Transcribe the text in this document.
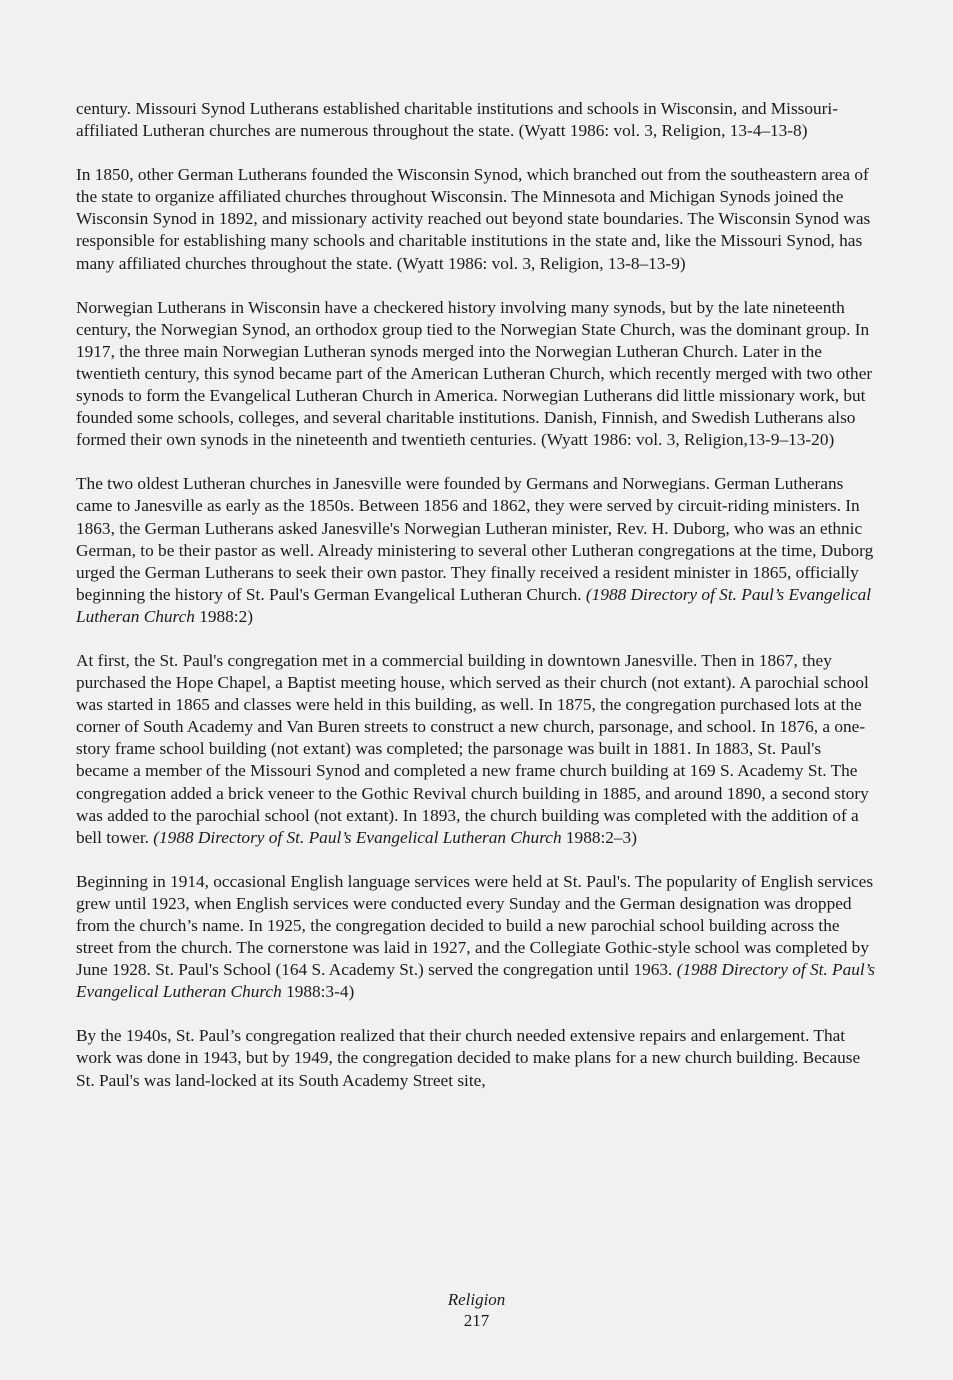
century. Missouri Synod Lutherans established charitable institutions and schools in Wisconsin, and Missouri-affiliated Lutheran churches are numerous throughout the state. (Wyatt 1986: vol. 3, Religion, 13-4–13-8)

In 1850, other German Lutherans founded the Wisconsin Synod, which branched out from the southeastern area of the state to organize affiliated churches throughout Wisconsin. The Minnesota and Michigan Synods joined the Wisconsin Synod in 1892, and missionary activity reached out beyond state boundaries. The Wisconsin Synod was responsible for establishing many schools and charitable institutions in the state and, like the Missouri Synod, has many affiliated churches throughout the state. (Wyatt 1986: vol. 3, Religion, 13-8–13-9)

Norwegian Lutherans in Wisconsin have a checkered history involving many synods, but by the late nineteenth century, the Norwegian Synod, an orthodox group tied to the Norwegian State Church, was the dominant group. In 1917, the three main Norwegian Lutheran synods merged into the Norwegian Lutheran Church. Later in the twentieth century, this synod became part of the American Lutheran Church, which recently merged with two other synods to form the Evangelical Lutheran Church in America. Norwegian Lutherans did little missionary work, but founded some schools, colleges, and several charitable institutions. Danish, Finnish, and Swedish Lutherans also formed their own synods in the nineteenth and twentieth centuries. (Wyatt 1986: vol. 3, Religion,13-9–13-20)

The two oldest Lutheran churches in Janesville were founded by Germans and Norwegians. German Lutherans came to Janesville as early as the 1850s. Between 1856 and 1862, they were served by circuit-riding ministers. In 1863, the German Lutherans asked Janesville's Norwegian Lutheran minister, Rev. H. Duborg, who was an ethnic German, to be their pastor as well. Already ministering to several other Lutheran congregations at the time, Duborg urged the German Lutherans to seek their own pastor. They finally received a resident minister in 1865, officially beginning the history of St. Paul's German Evangelical Lutheran Church. (1988 Directory of St. Paul’s Evangelical Lutheran Church 1988:2)

At first, the St. Paul's congregation met in a commercial building in downtown Janesville. Then in 1867, they purchased the Hope Chapel, a Baptist meeting house, which served as their church (not extant). A parochial school was started in 1865 and classes were held in this building, as well. In 1875, the congregation purchased lots at the corner of South Academy and Van Buren streets to construct a new church, parsonage, and school. In 1876, a one-story frame school building (not extant) was completed; the parsonage was built in 1881. In 1883, St. Paul's became a member of the Missouri Synod and completed a new frame church building at 169 S. Academy St. The congregation added a brick veneer to the Gothic Revival church building in 1885, and around 1890, a second story was added to the parochial school (not extant). In 1893, the church building was completed with the addition of a bell tower. (1988 Directory of St. Paul’s Evangelical Lutheran Church 1988:2–3)

Beginning in 1914, occasional English language services were held at St. Paul's. The popularity of English services grew until 1923, when English services were conducted every Sunday and the German designation was dropped from the church’s name. In 1925, the congregation decided to build a new parochial school building across the street from the church. The cornerstone was laid in 1927, and the Collegiate Gothic-style school was completed by June 1928. St. Paul's School (164 S. Academy St.) served the congregation until 1963. (1988 Directory of St. Paul’s Evangelical Lutheran Church 1988:3-4)

By the 1940s, St. Paul’s congregation realized that their church needed extensive repairs and enlargement. That work was done in 1943, but by 1949, the congregation decided to make plans for a new church building. Because St. Paul's was land-locked at its South Academy Street site,

Religion
217
